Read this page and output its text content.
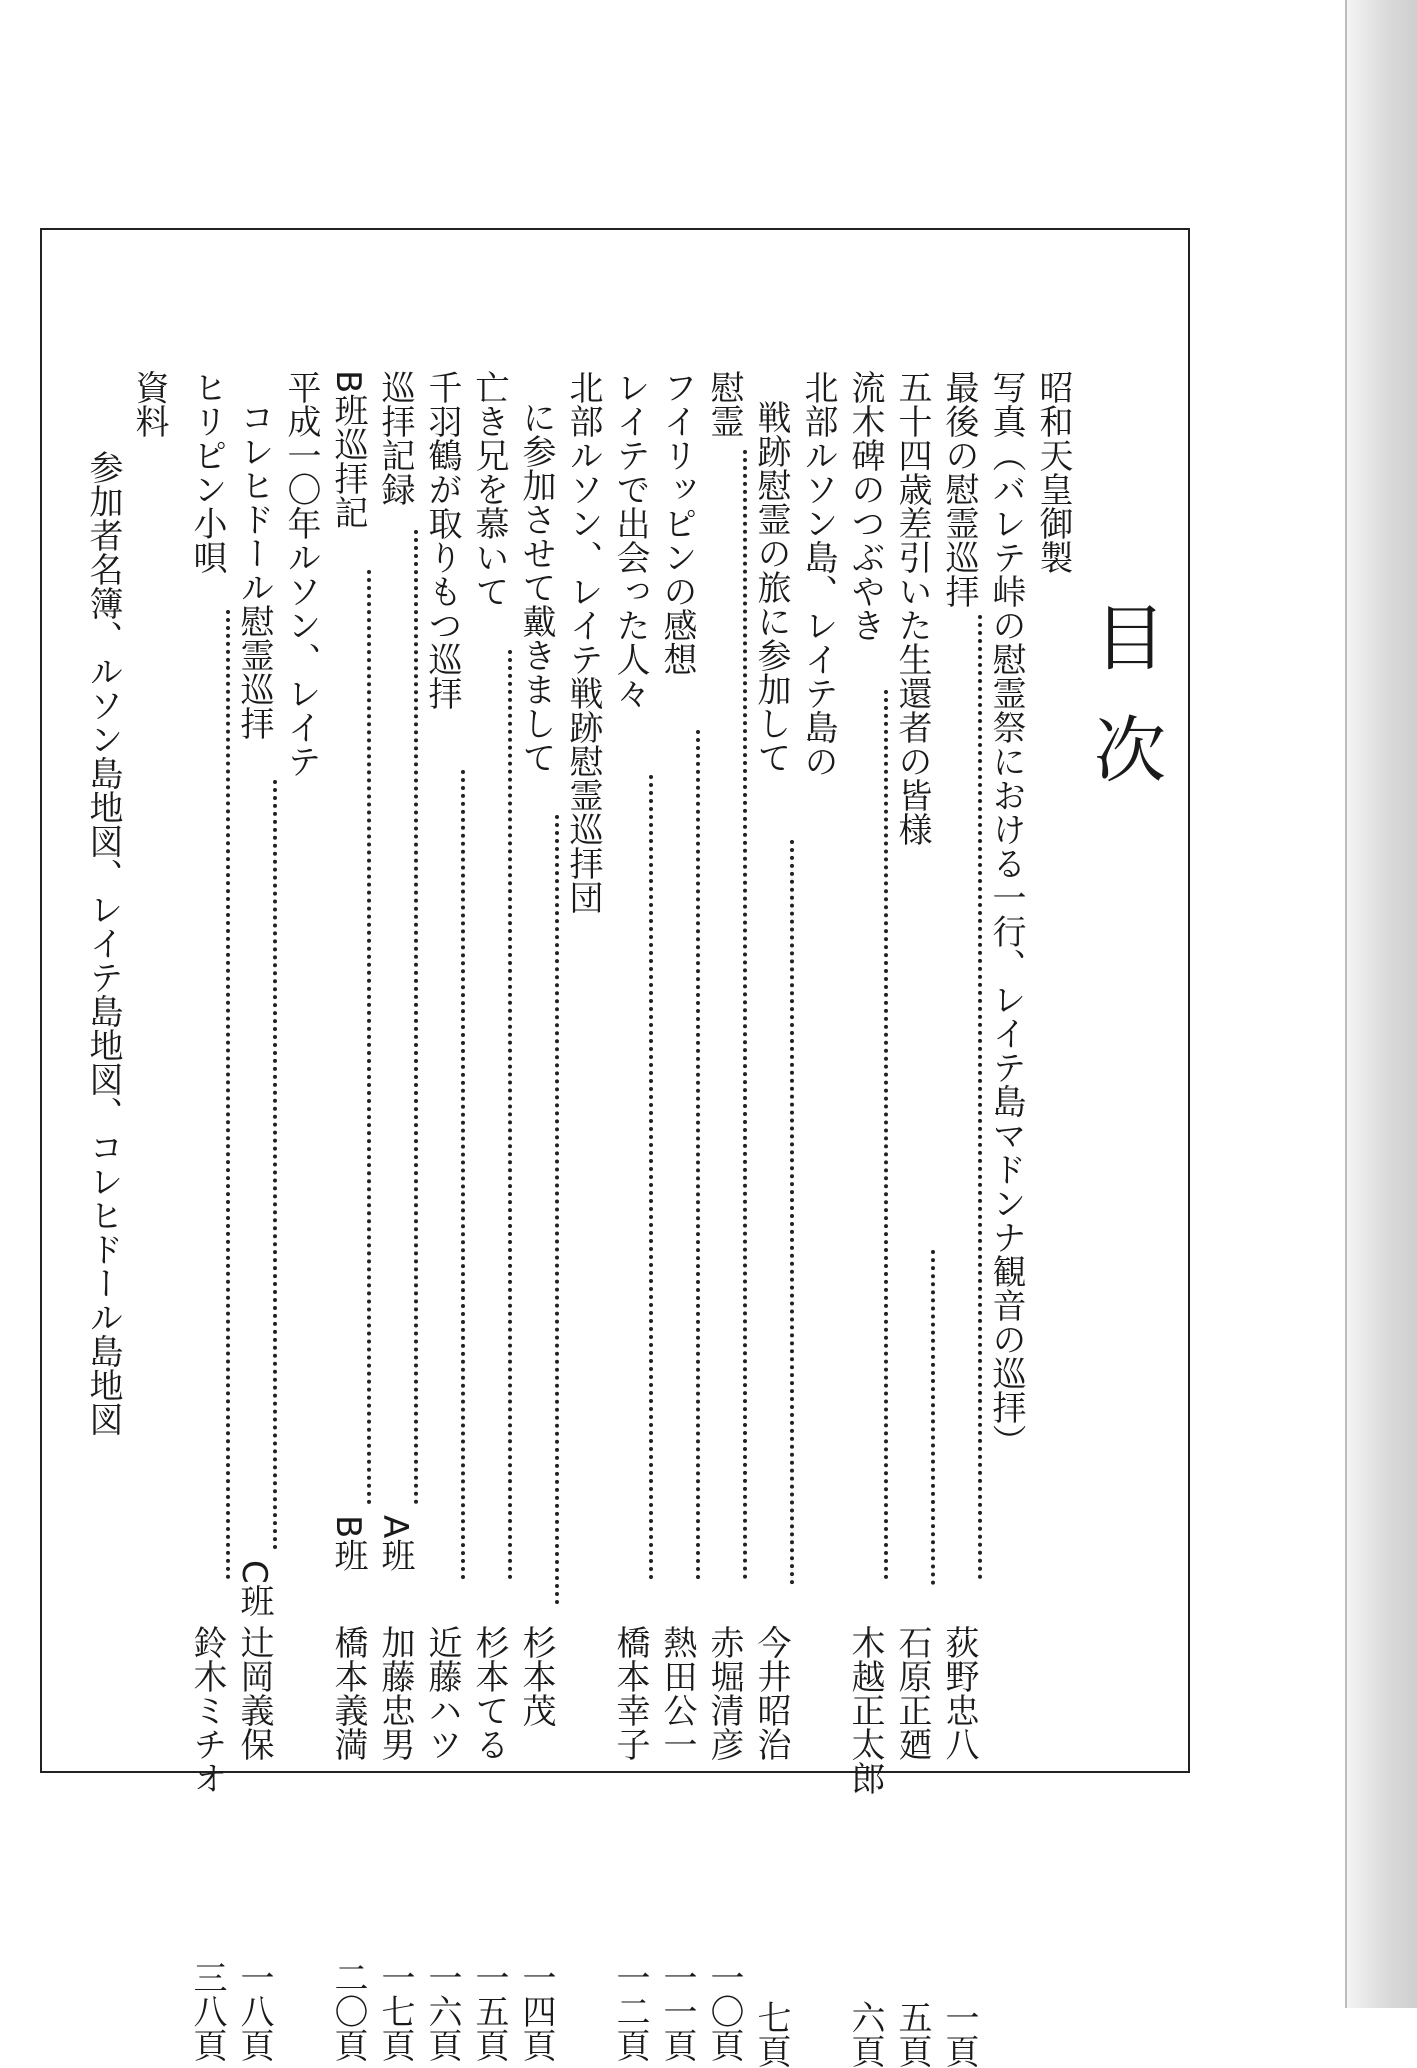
目次
昭和天皇御製
写真（バレテ峠の慰霊祭における一行、レイテ島マドンナ観音の巡拝）
最後の慰霊巡拝
荻野忠八
一頁
五十四歳差引いた生還者の皆様
石原正廼
五頁
流木碑のつぶやき
木越正太郎
六頁
北部ルソン島、レイテ島の
戦跡慰霊の旅に参加して
今井昭治
七頁
慰霊
赤堀清彦
一〇頁
フイリッピンの感想
熱田公一
一一頁
レイテで出会った人々
橋本幸子
一二頁
北部ルソン、レイテ戦跡慰霊巡拝団
に参加させて戴きまして
杉本茂
一四頁
亡き兄を慕いて
杉本てる
一五頁
千羽鶴が取りもつ巡拝
近藤ハツ
一六頁
巡拝記録
A班
加藤忠男
一七頁
B班巡拝記
B班
橋本義満
二〇頁
平成一〇年ルソン、レイテ
コレヒドール慰霊巡拝
C班
辻岡義保
一八頁
ヒリピン小唄
鈴木ミチオ
三八頁
資料
参加者名簿、ルソン島地図、レイテ島地図、コレヒドール島地図
